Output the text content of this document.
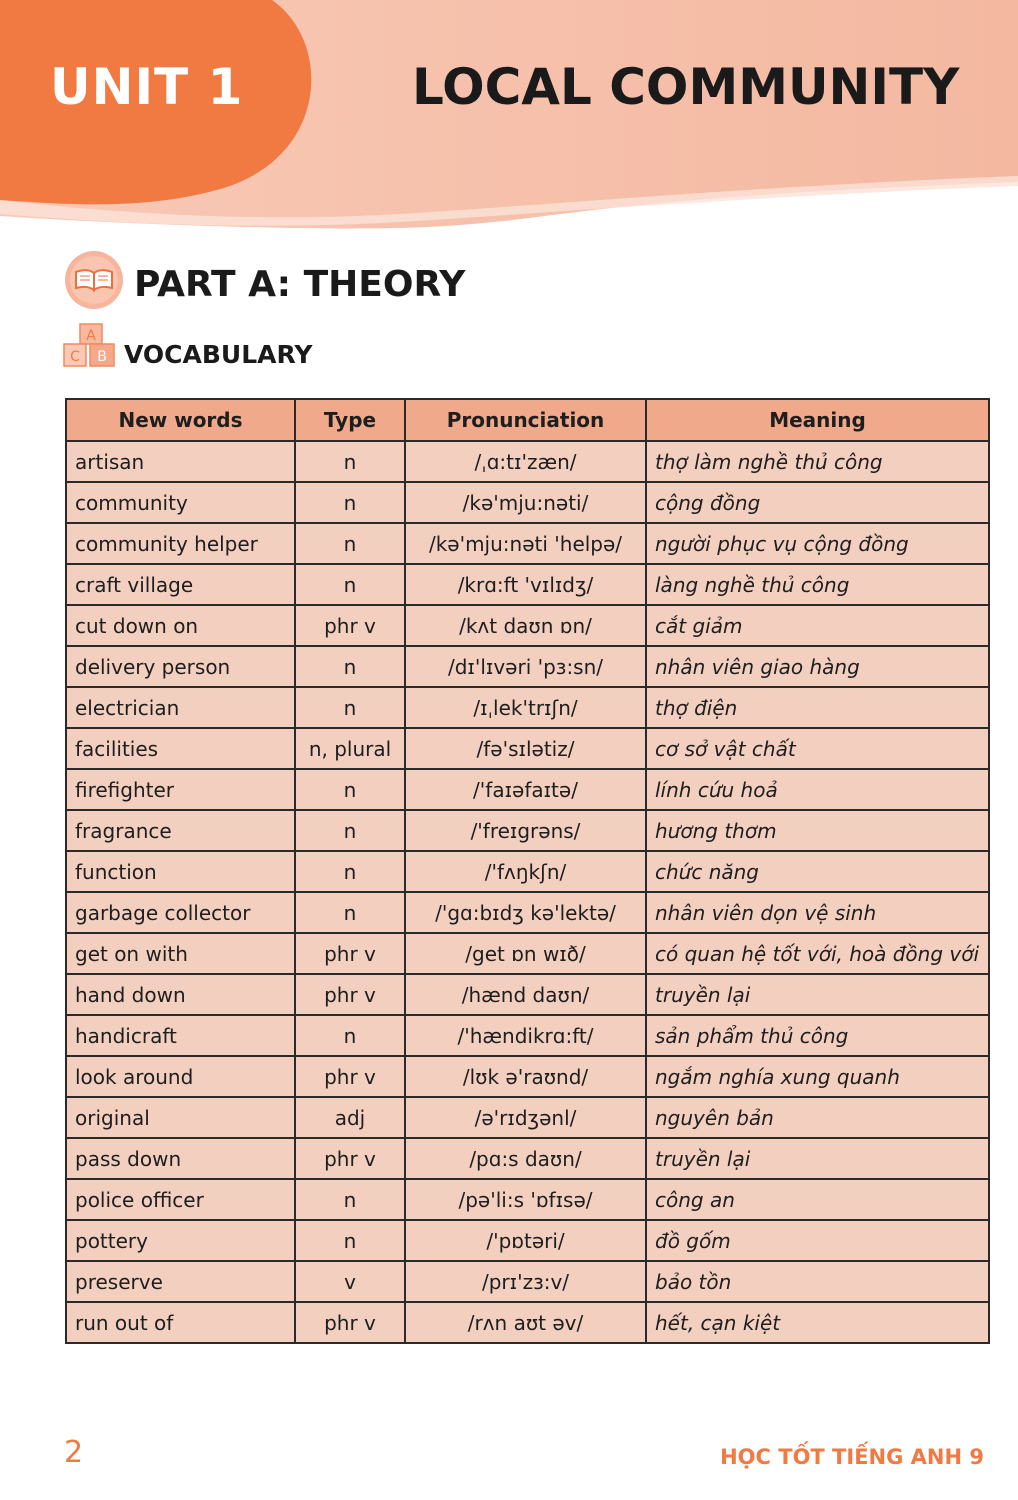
UNIT 1	LOCAL COMMUNITY
PART A: THEORY
A
C B VOCABULARY
New words	Type	Pronunciation	Meaning
artisan	n	/ˌɑ:tɪ'zæn/	thợ làm nghề thủ công
community	n	/kə'mju:nəti/	cộng đồng
community helper	n	/kə'mju:nəti 'helpə/	người phục vụ cộng đồng
craft village	n	/krɑ:ft 'vɪlɪdʒ/	làng nghề thủ công
cut down on	phr v	/kʌt daʊn ɒn/	cắt giảm
delivery person	n	/dɪ'lɪvəri 'pɜ:sn/	nhân viên giao hàng
electrician	n	/ɪˌlek'trɪʃn/	thợ điện
facilities	n, plural	/fə'sɪlətiz/	cơ sở vật chất
firefighter	n	/'faɪəfaɪtə/	lính cứu hoả
fragrance	n	/'freɪgrəns/	hương thơm
function	n	/'fʌŋkʃn/	chức năng
garbage collector	n	/'gɑ:bɪdʒ kə'lektə/	nhân viên dọn vệ sinh
get on with	phr v	/get ɒn wɪð/	có quan hệ tốt với, hoà đồng với
hand down	phr v	/hænd daʊn/	truyền lại
handicraft	n	/'hændikrɑ:ft/	sản phẩm thủ công
look around	phr v	/lʊk ə'raʊnd/	ngắm nghía xung quanh
original	adj	/ə'rɪdʒənl/	nguyên bản
pass down	phr v	/pɑ:s daʊn/	truyền lại
police officer	n	/pə'li:s 'ɒfɪsə/	công an
pottery	n	/'pɒtəri/	đồ gốm
preserve	v	/prɪ'zɜ:v/	bảo tồn
run out of	phr v	/rʌn aʊt əv/	hết, cạn kiệt
2	HỌC TỐT TIẾNG ANH 9
